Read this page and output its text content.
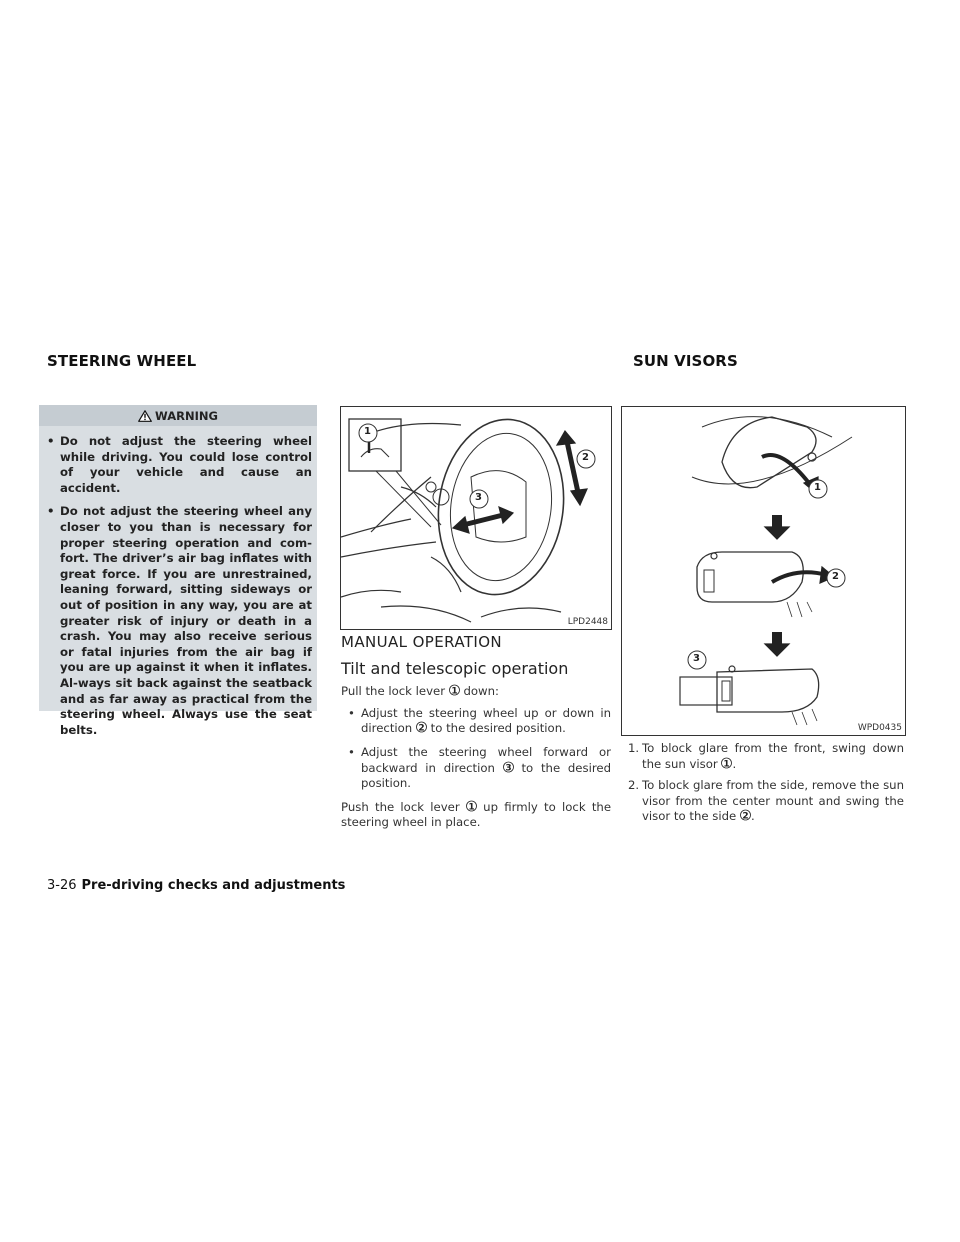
STEERING WHEEL	SUN VISORS
WARNING
• Do not adjust the steering wheel while driving. You could lose control of your vehicle and cause an accident.
• Do not adjust the steering wheel any closer to you than is necessary for proper steering operation and com-fort. The driver’s air bag inflates with great force. If you are unrestrained, leaning forward, sitting sideways or out of position in any way, you are at greater risk of injury or death in a crash. You may also receive serious or fatal injuries from the air bag if you are up against it when it inflates. Al-ways sit back against the seatback and as far away as practical from the steering wheel. Always use the seat belts.
1
2
3
LPD2448
1
2
3
WPD0435
MANUAL OPERATION
Tilt and telescopic operation

Pull the lock lever 1 down:

• Adjust the steering wheel up or down in direction 2 to the desired position.
• Adjust the steering wheel forward or backward in direction 3 to the desired position.

Push the lock lever 1 up firmly to lock the steering wheel in place.

1. To block glare from the front, swing down the sun visor 1 .
2. To block glare from the side, remove the sun visor from the center mount and swing the visor to the side 2 .
3-26 Pre-driving checks and adjustments
